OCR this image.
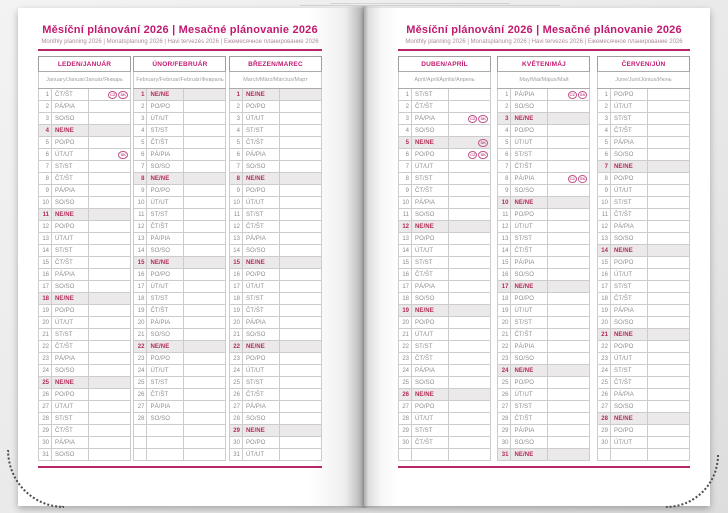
Měsíční plánování 2026 | Mesačné plánovanie 2026
Monthly planning 2026 | Monatsplanung 2026 | Havi tervezés 2026 | Ежемесячное планирование 2026
LEDEN/JANUÁR		
January/Januar/Január/Январь		
1	ČT/ŠT	CZ SK
2	PÁ/PIA	
3	SO/SO	
4	NE/NE	
5	PO/PO	
6	ÚT/UT	SK
7	ST/ST	
8	ČT/ŠT	
9	PÁ/PIA	
10	SO/SO	
11	NE/NE	
12	PO/PO	
13	ÚT/UT	
14	ST/ST	
15	ČT/ŠT	
16	PÁ/PIA	
17	SO/SO	
18	NE/NE	
19	PO/PO	
20	ÚT/UT	
21	ST/ST	
22	ČT/ŠT	
23	PÁ/PIA	
24	SO/SO	
25	NE/NE	
26	PO/PO	
27	ÚT/UT	
28	ST/ST	
29	ČT/ŠT	
30	PÁ/PIA	
31	SO/SO	
ÚNOR/FEBRUÁR		
February/Februar/Február/Февраль		
1	NE/NE	
2	PO/PO	
3	ÚT/UT	
4	ST/ST	
5	ČT/ŠT	
6	PÁ/PIA	
7	SO/SO	
8	NE/NE	
9	PO/PO	
10	ÚT/UT	
11	ST/ST	
12	ČT/ŠT	
13	PÁ/PIA	
14	SO/SO	
15	NE/NE	
16	PO/PO	
17	ÚT/UT	
18	ST/ST	
19	ČT/ŠT	
20	PÁ/PIA	
21	SO/SO	
22	NE/NE	
23	PO/PO	
24	ÚT/UT	
25	ST/ST	
26	ČT/ŠT	
27	PÁ/PIA	
28	SO/SO	

BŘEZEN/MAREC		
March/März/Március/Март		
1	NE/NE	
2	PO/PO	
3	ÚT/UT	
4	ST/ST	
5	ČT/ŠT	
6	PÁ/PIA	
7	SO/SO	
8	NE/NE	
9	PO/PO	
10	ÚT/UT	
11	ST/ST	
12	ČT/ŠT	
13	PÁ/PIA	
14	SO/SO	
15	NE/NE	
16	PO/PO	
17	ÚT/UT	
18	ST/ST	
19	ČT/ŠT	
20	PÁ/PIA	
21	SO/SO	
22	NE/NE	
23	PO/PO	
24	ÚT/UT	
25	ST/ST	
26	ČT/ŠT	
27	PÁ/PIA	
28	SO/SO	
29	NE/NE	
30	PO/PO	
31	ÚT/UT	
Měsíční plánování 2026 | Mesačné plánovanie 2026
Monthly planning 2026 | Monatsplanung 2026 | Havi tervezés 2026 | Ежемесячное планирование 2026
DUBEN/APRÍL		
April/April/Április/Апрель		
1	ST/ST	
2	ČT/ŠT	
3	PÁ/PIA	CZ SK
4	SO/SO	
5	NE/NE	SK
6	PO/PO	CZ SK
7	ÚT/UT	
8	ST/ST	
9	ČT/ŠT	
10	PÁ/PIA	
11	SO/SO	
12	NE/NE	
13	PO/PO	
14	ÚT/UT	
15	ST/ST	
16	ČT/ŠT	
17	PÁ/PIA	
18	SO/SO	
19	NE/NE	
20	PO/PO	
21	ÚT/UT	
22	ST/ST	
23	ČT/ŠT	
24	PÁ/PIA	
25	SO/SO	
26	NE/NE	
27	PO/PO	
28	ÚT/UT	
29	ST/ST	
30	ČT/ŠT	

KVĚTEN/MÁJ		
May/Mai/Május/Май		
1	PÁ/PIA	CZ SK
2	SO/SO	
3	NE/NE	
4	PO/PO	
5	ÚT/UT	
6	ST/ST	
7	ČT/ŠT	
8	PÁ/PIA	CZ SK
9	SO/SO	
10	NE/NE	
11	PO/PO	
12	ÚT/UT	
13	ST/ST	
14	ČT/ŠT	
15	PÁ/PIA	
16	SO/SO	
17	NE/NE	
18	PO/PO	
19	ÚT/UT	
20	ST/ST	
21	ČT/ŠT	
22	PÁ/PIA	
23	SO/SO	
24	NE/NE	
25	PO/PO	
26	ÚT/UT	
27	ST/ST	
28	ČT/ŠT	
29	PÁ/PIA	
30	SO/SO	
31	NE/NE	
ČERVEN/JÚN		
June/Juni/Június/Июнь		
1	PO/PO	
2	ÚT/UT	
3	ST/ST	
4	ČT/ŠT	
5	PÁ/PIA	
6	SO/SO	
7	NE/NE	
8	PO/PO	
9	ÚT/UT	
10	ST/ST	
11	ČT/ŠT	
12	PÁ/PIA	
13	SO/SO	
14	NE/NE	
15	PO/PO	
16	ÚT/UT	
17	ST/ST	
18	ČT/ŠT	
19	PÁ/PIA	
20	SO/SO	
21	NE/NE	
22	PO/PO	
23	ÚT/UT	
24	ST/ST	
25	ČT/ŠT	
26	PÁ/PIA	
27	SO/SO	
28	NE/NE	
29	PO/PO	
30	ÚT/UT	
